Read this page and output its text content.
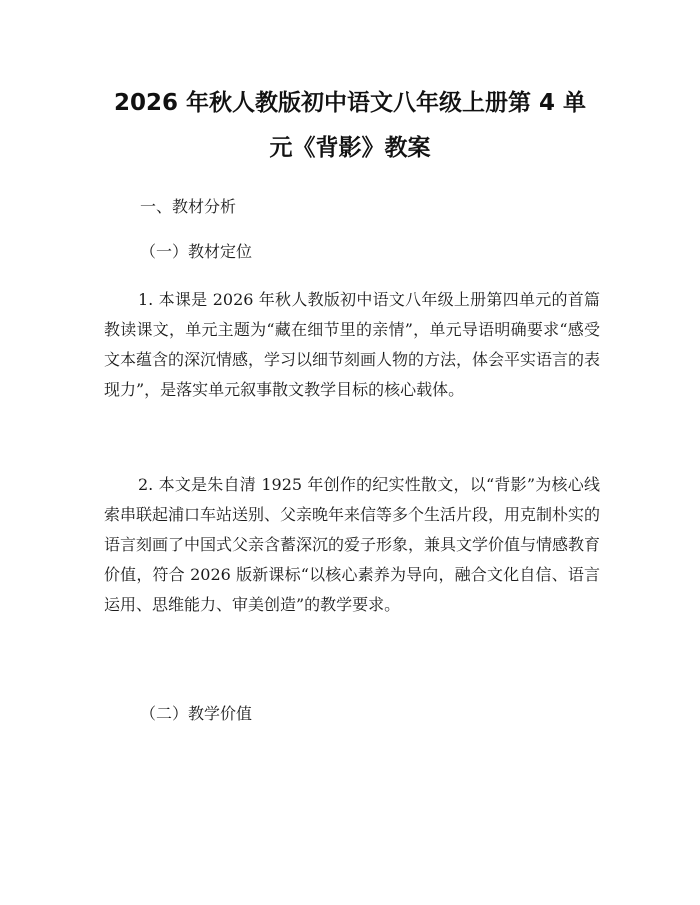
2026 年秋人教版初中语文八年级上册第 4 单
元《背影》教案
一、教材分析
（一）教材定位
1. 本课是 2026 年秋人教版初中语文八年级上册第四单元的首篇教读课文，单元主题为“藏在细节里的亲情”，单元导语明确要求“感受文本蕴含的深沉情感，学习以细节刻画人物的方法，体会平实语言的表现力”，是落实单元叙事散文教学目标的核心载体。
2. 本文是朱自清 1925 年创作的纪实性散文，以“背影”为核心线索串联起浦口车站送别、父亲晚年来信等多个生活片段，用克制朴实的语言刻画了中国式父亲含蓄深沉的爱子形象，兼具文学价值与情感教育价值，符合 2026 版新课标“以核心素养为导向，融合文化自信、语言运用、思维能力、审美创造”的教学要求。
（二）教学价值
